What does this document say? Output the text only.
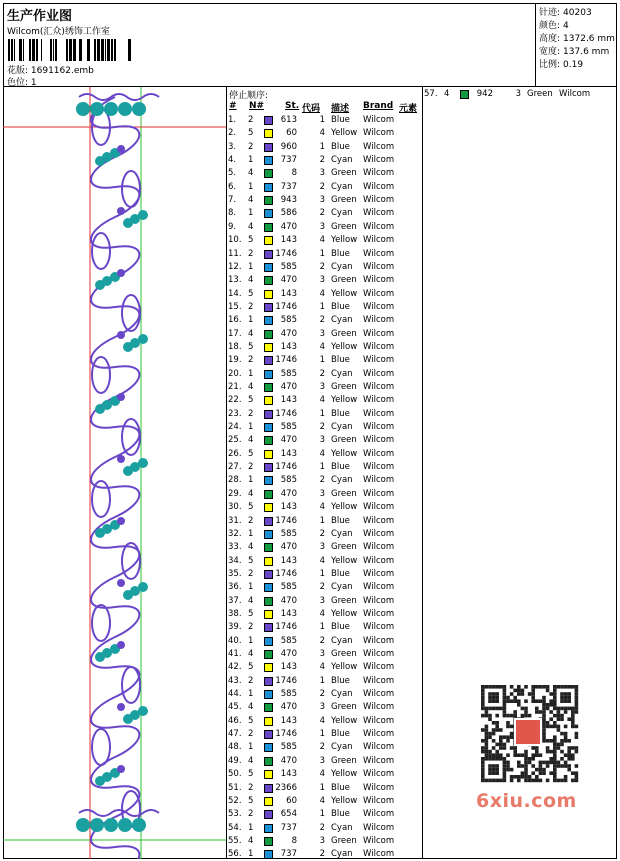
生产作业图
Wilcom(汇众)绣饰工作室
花版: 1691162.emb
色位: 1
针迹: 40203
颜色: 4
高度: 1372.6 mm
宽度: 137.6 mm
比例: 0.19
停止顺序:
# N# St. 代码 描述 Brand 元素
1. 2	613	1 Blue Wilcom
2. 5	60	4 Yellow Wilcom
3. 2	960	1 Blue Wilcom
4. 1	737	2 Cyan Wilcom
5. 4	8	3 Green Wilcom
6. 1	737	2 Cyan Wilcom
7. 4	943	3 Green Wilcom
8. 1	586	2 Cyan Wilcom
9. 4	470	3 Green Wilcom
10. 5	143	4 Yellow Wilcom
11. 2	1746	1 Blue Wilcom
12. 1	585	2 Cyan Wilcom
13. 4	470	3 Green Wilcom
14. 5	143	4 Yellow Wilcom
15. 2	1746	1 Blue Wilcom
16. 1	585	2 Cyan Wilcom
17. 4	470	3 Green Wilcom
18. 5	143	4 Yellow Wilcom
19. 2	1746	1 Blue Wilcom
20. 1	585	2 Cyan Wilcom
21. 4	470	3 Green Wilcom
22. 5	143	4 Yellow Wilcom
23. 2	1746	1 Blue Wilcom
24. 1	585	2 Cyan Wilcom
25. 4	470	3 Green Wilcom
26. 5	143	4 Yellow Wilcom
27. 2	1746	1 Blue Wilcom
28. 1	585	2 Cyan Wilcom
29. 4	470	3 Green Wilcom
30. 5	143	4 Yellow Wilcom
31. 2	1746	1 Blue Wilcom
32. 1	585	2 Cyan Wilcom
33. 4	470	3 Green Wilcom
34. 5	143	4 Yellow Wilcom
35. 2	1746	1 Blue Wilcom
36. 1	585	2 Cyan Wilcom
37. 4	470	3 Green Wilcom
38. 5	143	4 Yellow Wilcom
39. 2	1746	1 Blue Wilcom
40. 1	585	2 Cyan Wilcom
41. 4	470	3 Green Wilcom
42. 5	143	4 Yellow Wilcom
43. 2	1746	1 Blue Wilcom
44. 1	585	2 Cyan Wilcom
45. 4	470	3 Green Wilcom
46. 5	143	4 Yellow Wilcom
47. 2	1746	1 Blue Wilcom
48. 1	585	2 Cyan Wilcom
49. 4	470	3 Green Wilcom
50. 5	143	4 Yellow Wilcom
51. 2	2366	1 Blue Wilcom
52. 5	60	4 Yellow Wilcom
53. 2	654	1 Blue Wilcom
54. 1	737	2 Cyan Wilcom
55. 4	8	3 Green Wilcom
56. 1	737	2 Cyan Wilcom
57. 4	942	3 Green Wilcom
6xiu.com
